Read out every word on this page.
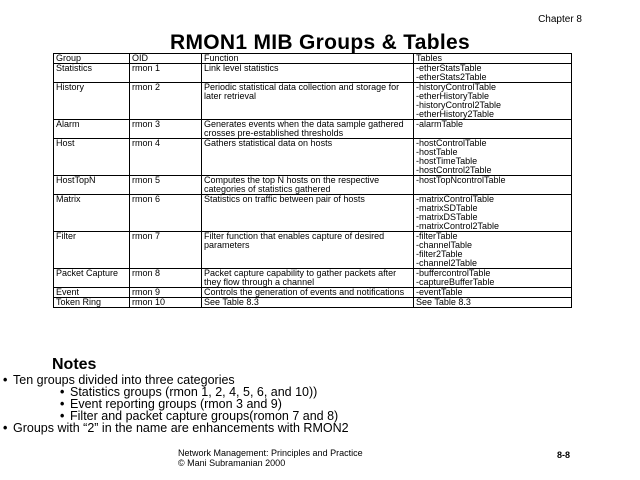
Chapter 8
RMON1 MIB Groups & Tables
Group	OID	Function	Tables
Statistics	rmon 1	Link level statistics	-etherStatsTable
-etherStats2Table

History	rmon 2	Periodic statistical data collection and storage for later retrieval	-historyControlTable
-etherHistoryTable
-historyControl2Table
-etherHistory2Table

Alarm	rmon 3	Generates events when the data sample gathered crosses pre-established thresholds	-alarmTable

Host	rmon 4	Gathers statistical data on hosts	-hostControlTable
-hostTable
-hostTimeTable
-hostControl2Table

HostTopN	rmon 5	Computes the top N hosts on the respective categories of statistics gathered	-hostTopNcontrolTable

Matrix	rmon 6	Statistics on traffic between pair of hosts	-matrixControlTable
-matrixSDTable
-matrixDSTable
-matrixControl2Table

Filter	rmon 7	Filter function that enables capture of desired parameters	-filterTable
-channelTable
-filter2Table
-channel2Table

Packet Capture	rmon 8	Packet capture capability to gather packets after they flow through a channel	-buffercontrolTable
-captureBufferTable

Event	rmon 9	Controls the generation of events and notifications	-eventTable

Token Ring	rmon 10	See Table 8.3	See Table 8.3
Notes
• Ten groups divided into three categories
• Statistics groups (rmon 1, 2, 4, 5, 6, and 10))
• Event reporting groups (rmon 3 and 9)
• Filter and packet capture groups(romon 7 and 8)
• Groups with “2” in the name are enhancements with RMON2
Network Management: Principles and Practice
© Mani Subramanian 2000
8-8
